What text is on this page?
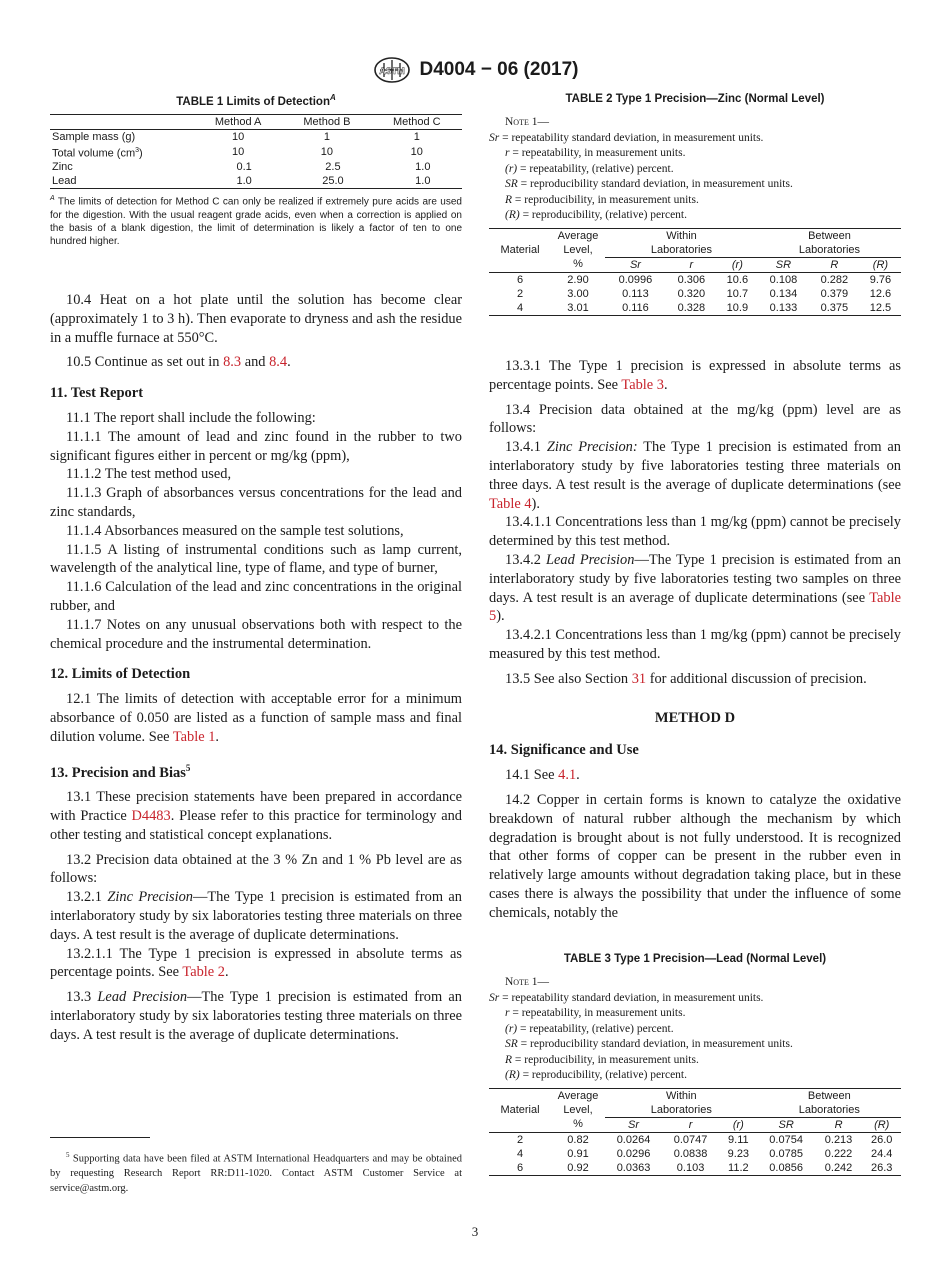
ASTM D4004 − 06 (2017)
TABLE 1 Limits of Detection$^A$
	Method A	Method B	Method C
Sample mass (g)	10	1	1
Total volume $(cm^3)$	10	10	10
Zinc	0.1	2.5	1.0
Lead	1.0	25.0	1.0
$^A$ The limits of detection for Method C can only be realized if extremely pure acids are used for the digestion. With the usual reagent grade acids, even when a correction is applied on the basis of a blank digestion, the limit of determination is likely a factor of ten to one hundred higher.

10.4 Heat on a hot plate until the solution has become clear (approximately 1 to 3 h). Then evaporate to dryness and ash the residue in a muffle furnace at 550°C.

10.5 Continue as set out in 8.3 and 8.4.

11. Test Report

11.1 The report shall include the following:

11.1.1 The amount of lead and zinc found in the rubber to two significant figures either in percent or mg/kg (ppm),

11.1.2 The test method used,

11.1.3 Graph of absorbances versus concentrations for the lead and zinc standards,

11.1.4 Absorbances measured on the sample test solutions,

11.1.5 A listing of instrumental conditions such as lamp current, wavelength of the analytical line, type of flame, and type of burner,

11.1.6 Calculation of the lead and zinc concentrations in the original rubber, and

11.1.7 Notes on any unusual observations both with respect to the chemical procedure and the instrumental determination.

12. Limits of Detection

12.1 The limits of detection with acceptable error for a minimum absorbance of 0.050 are listed as a function of sample mass and final dilution volume. See Table 1.

13. Precision and Bias$^5$

13.1 These precision statements have been prepared in accordance with Practice D4483. Please refer to this practice for terminology and other testing and statistical concept explanations.

13.2 Precision data obtained at the 3 % Zn and 1 % Pb level are as follows:

13.2.1 Zinc Precision—The Type 1 precision is estimated from an interlaboratory study by six laboratories testing three materials on three days. A test result is the average of duplicate determinations.

13.2.1.1 The Type 1 precision is expressed in absolute terms as percentage points. See Table 2.

13.3 Lead Precision—The Type 1 precision is estimated from an interlaboratory study by six laboratories testing three materials on three days. A test result is the average of duplicate determinations.

$^5$ Supporting data have been filed at ASTM International Headquarters and may be obtained by requesting Research Report RR:D11-1020. Contact ASTM Customer Service at service@astm.org.
TABLE 2 Type 1 Precision—Zinc (Normal Level)
Note 1—
Sr = repeatability standard deviation, in measurement units.
r = repeatability, in measurement units.
(r) = repeatability, (relative) percent.
SR = reproducibility standard deviation, in measurement units.
R = reproducibility, in measurement units.
(R) = reproducibility, (relative) percent.
Material	Average	Within			Between		
	Level,	Laboratories			Laboratories		
	%	Sr	r	(r)	SR	R	(R)
6	2.90	0.0996	0.306	10.6	0.108	0.282	9.76
2	3.00	0.113	0.320	10.7	0.134	0.379	12.6
4	3.01	0.116	0.328	10.9	0.133	0.375	12.5

13.3.1 The Type 1 precision is expressed in absolute terms as percentage points. See Table 3.

13.4 Precision data obtained at the mg/kg (ppm) level are as follows:

13.4.1 Zinc Precision: The Type 1 precision is estimated from an interlaboratory study by five laboratories testing three materials on three days. A test result is the average of duplicate determinations (see Table 4).

13.4.1.1 Concentrations less than 1 mg/kg (ppm) cannot be precisely determined by this test method.

13.4.2 Lead Precision—The Type 1 precision is estimated from an interlaboratory study by five laboratories testing two samples on three days. A test result is an average of duplicate determinations (see Table 5).

13.4.2.1 Concentrations less than 1 mg/kg (ppm) cannot be precisely measured by this test method.

13.5 See also Section 31 for additional discussion of precision.

METHOD D

14. Significance and Use

14.1 See 4.1.

14.2 Copper in certain forms is known to catalyze the oxidative breakdown of natural rubber although the mechanism by which degradation is brought about is not fully understood. It is recognized that other forms of copper can be present in the rubber even in relatively large amounts without degradation taking place, but in these cases there is always the possibility that under the influence of some chemicals, notably the

TABLE 3 Type 1 Precision—Lead (Normal Level)
Note 1—
Sr = repeatability standard deviation, in measurement units.
r = repeatability, in measurement units.
(r) = repeatability, (relative) percent.
SR = reproducibility standard deviation, in measurement units.
R = reproducibility, in measurement units.
(R) = reproducibility, (relative) percent.
Material	Average	Within			Between		
	Level,	Laboratories			Laboratories		
	%	Sr	r	(r)	SR	R	(R)
2	0.82	0.0264	0.0747	9.11	0.0754	0.213	26.0
4	0.91	0.0296	0.0838	9.23	0.0785	0.222	24.4
6	0.92	0.0363	0.103	11.2	0.0856	0.242	26.3
3
